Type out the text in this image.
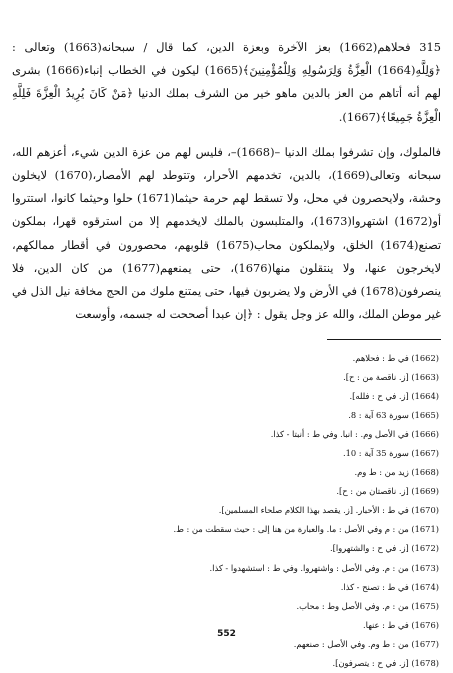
315 فحلاهم(1662) بعز الآخرة وبعزة الدين، كما قال / سبحانه(1663) وتعالى : ﴿وَلِلَّهِ(1664) الْعِزَّةُ وَلِرَسُولِهِ وَلِلْمُؤْمِنِينَ﴾(1665) ليكون في الخطاب إنباء(1666) بشرى لهم أنه أتاهم من العز بالدين ماهو خير من الشرف بملك الدنيا ﴿مَنْ كَانَ يُرِيدُ الْعِزَّةَ فَلِلَّهِ الْعِزَّةُ جَمِيعًا﴾(1667).

فالملوك، وإن تشرفوا بملك الدنيا –(1668)–، فليس لهم من عزة الدين شيء، أعزهم الله، سبحانه وتعالى(1669)، بالدين، تخدمهم الأحرار، وتتوطد لهم الأمصار،(1670) لايخلون وحشة، ولايحصرون في محل، ولا تسقط لهم حرمة حيثما(1671) حلوا وحيثما كانوا، استتروا أو(1672) اشتهروا(1673)، والمتلبسون بالملك لايخدمهم إلا من استرقوه قهرا، بملكون تصنع(1674) الخلق، ولايملكون محاب(1675) قلوبهم، محصورون في أقطار ممالكهم، لايخرجون عنها، ولا ينتقلون منها(1676)، حتى يمنعهم(1677) من كان الدين، فلا ينصرفون(1678) في الأرض ولا يضربون فيها، حتى يمتنع ملوك من الحج مخافة نيل الذل في غير موطن الملك، والله عز وجل يقول : ﴿إن عبدا أصححت له جسمه، وأوسعت

(1662) في ط : فحلاهم.
(1663) [ز. ناقصة من : ح].
(1664) [ز. في ح : فلله].
(1665) سورة 63 آية : 8.
(1666) في الأصل وم. : انبا. وفي ط : أنبتا - كذا.
(1667) سورة 35 آية : 10.
(1668) زيد من : ط وم.
(1669) [ز. ناقصتان من : ح].
(1670) في ط : الأحبار. [ز. يقصد بهذا الكلام صلحاء المسلمين].
(1671) من : م وفي الأصل : ما. والعبارة من هنا إلى : حيث سقطت من : ط.
(1672) [ز. في ح : والشتهروا].
(1673) من : م. وفي الأصل : واشتهروا. وفي ط : استشهدوا - كذا.
(1674) في ط : تصنح - كذا.
(1675) من : م. وفي الأصل وط : محاب.
(1676) في ط : عنها.
(1677) من : ط وم. وفي الأصل : صنعهم.
(1678) [ز. في ح : يتصرفون].
552
